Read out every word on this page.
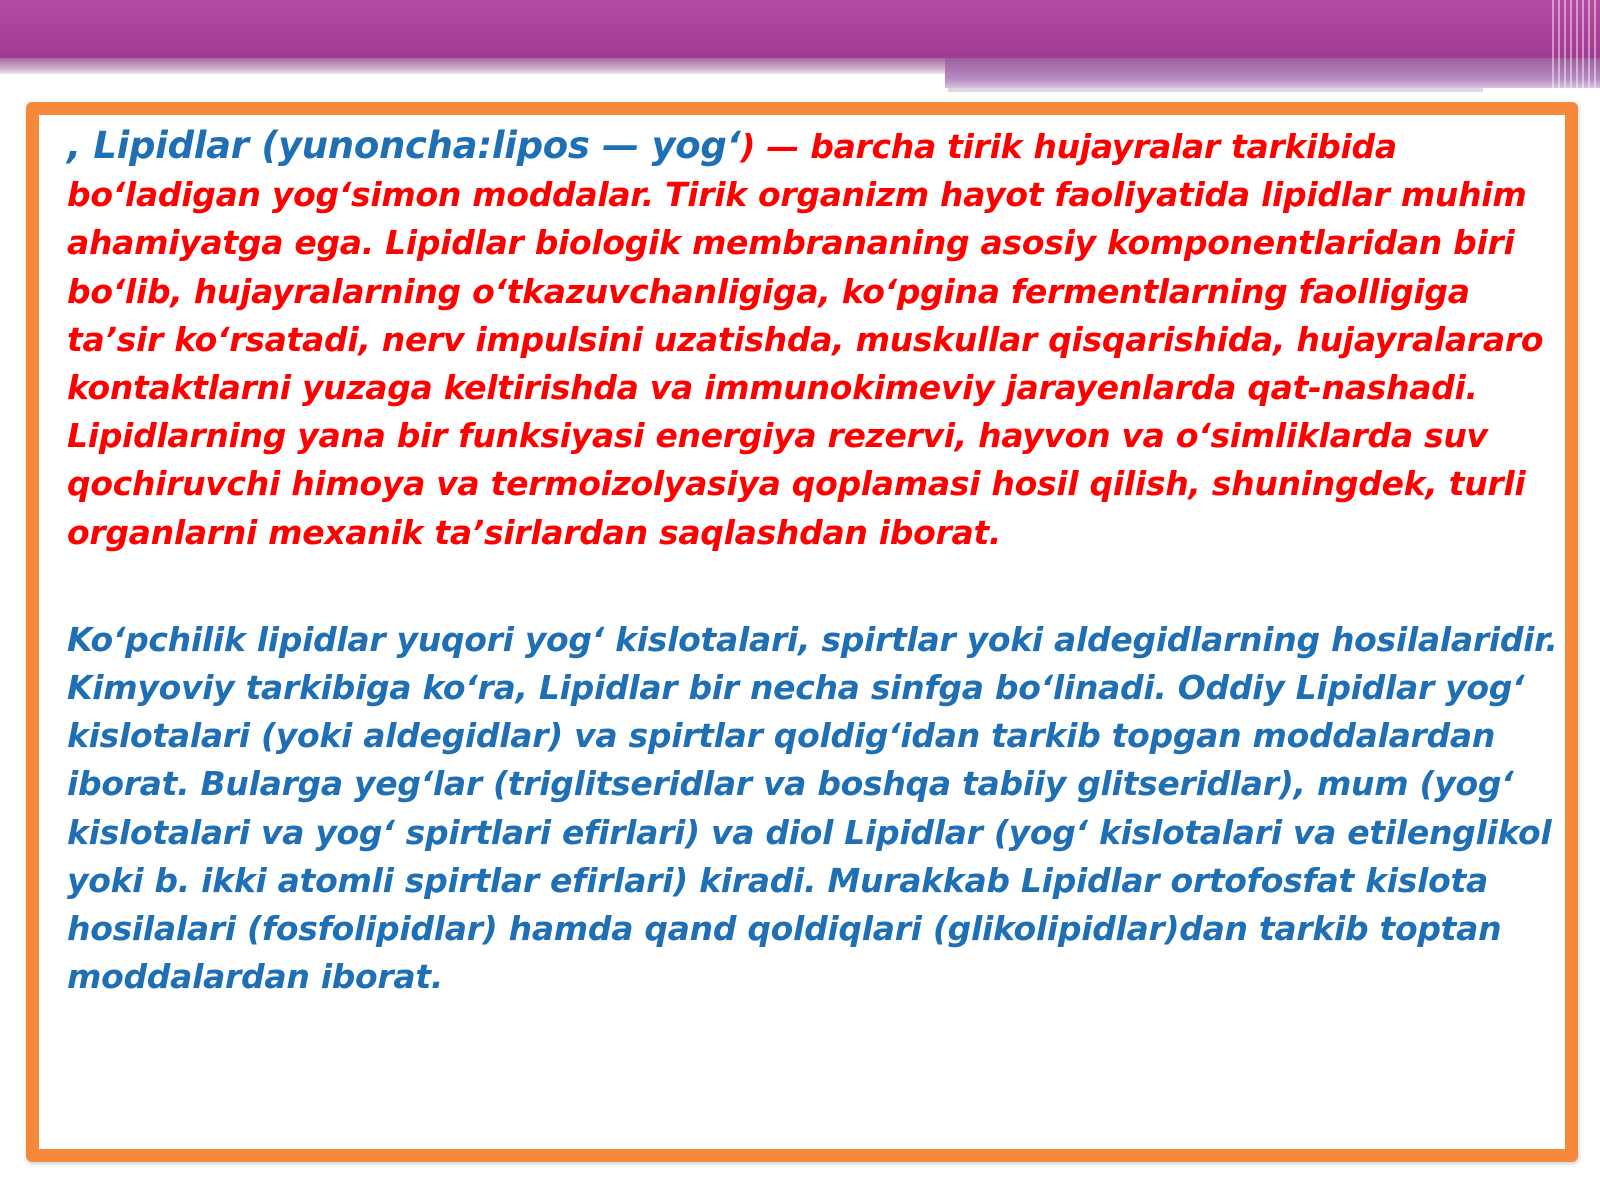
, Lipidlar (yunoncha:lipos — yog‘) — barcha tirik hujayralar tarkibida bo‘ladigan yog‘simon moddalar. Tirik organizm hayot faoliyatida lipidlar muhim ahamiyatga ega. Lipidlar biologik membrananing asosiy komponentlaridan biri bo‘lib, hujayralarning o‘tkazuvchanligiga, ko‘pgina fermentlarning faolligiga ta’sir ko‘rsatadi, nerv impulsini uzatishda, muskullar qisqarishida, hujayralararo kontaktlarni yuzaga keltirishda va immunokimeviy jarayenlarda qat-nashadi. Lipidlarning yana bir funksiyasi energiya rezervi, hayvon va o‘simliklarda suv qochiruvchi himoya va termoizolyasiya qoplamasi hosil qilish, shuningdek, turli organlarni mexanik ta’sirlardan saqlashdan iborat.

Ko‘pchilik lipidlar yuqori yog‘ kislotalari, spirtlar yoki aldegidlarning hosilalaridir. Kimyoviy tarkibiga ko‘ra, Lipidlar bir necha sinfga bo‘linadi. Oddiy Lipidlar yog‘ kislotalari (yoki aldegidlar) va spirtlar qoldig‘idan tarkib topgan moddalardan iborat. Bularga yeg‘lar (triglitseridlar va boshqa tabiiy glitseridlar), mum (yog‘ kislotalari va yog‘ spirtlari efirlari) va diol Lipidlar (yog‘ kislotalari va etilenglikol yoki b. ikki atomli spirtlar efirlari) kiradi. Murakkab Lipidlar ortofosfat kislota hosilalari (fosfolipidlar) hamda qand qoldiqlari (glikolipidlar)dan tarkib toptan moddalardan iborat.
